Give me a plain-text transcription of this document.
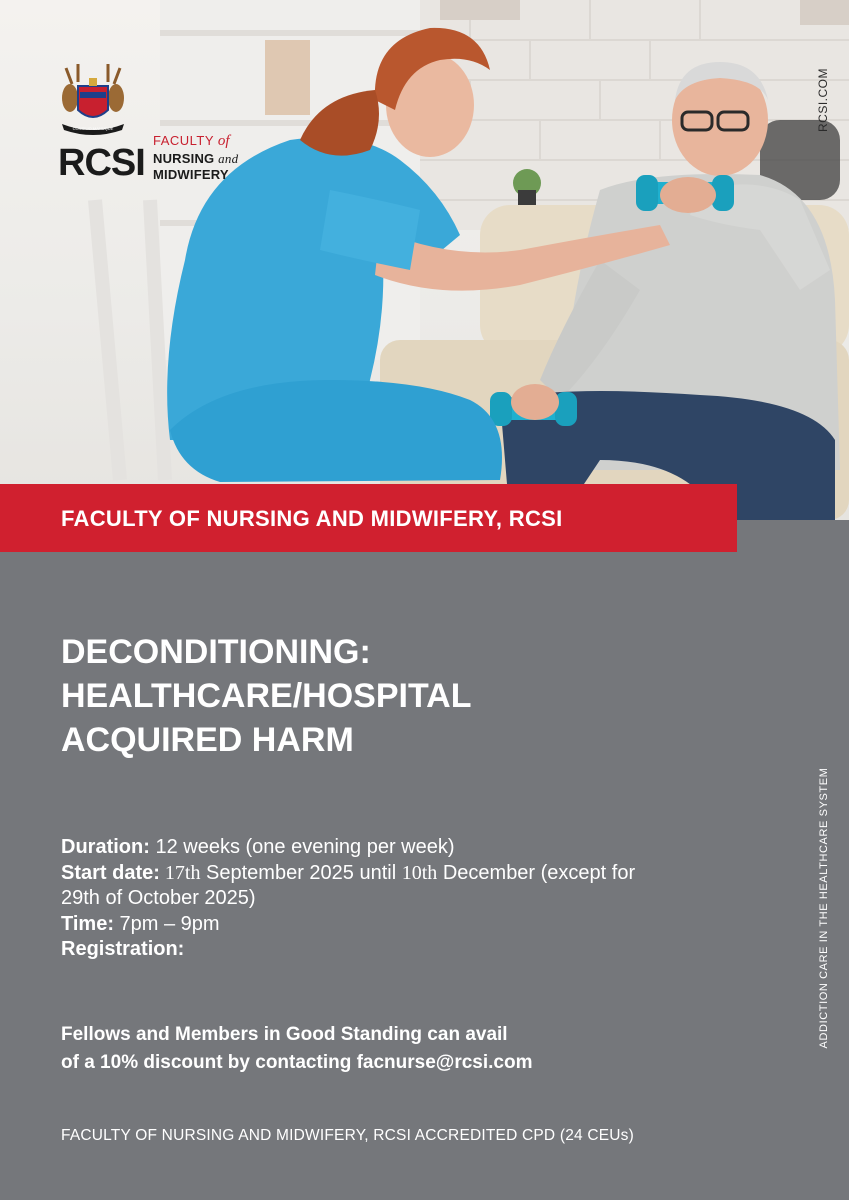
CONSILIO MANUQUE
RCSI
FACULTY of
NURSING and
MIDWIFERY
RCSI.COM
FACULTY OF NURSING AND MIDWIFERY, RCSI
DECONDITIONING:
HEALTHCARE/HOSPITAL
ACQUIRED HARM
Duration: 12 weeks (one evening per week)
Start date: 17th September 2025 until 10th December (except for
29th of October 2025)
Time: 7pm – 9pm
Registration:
Fellows and Members in Good Standing can avail
of a 10% discount by contacting facnurse@rcsi.com
FACULTY OF NURSING AND MIDWIFERY, RCSI ACCREDITED CPD (24 CEUs)
ADDICTION CARE IN THE HEALTHCARE SYSTEM
